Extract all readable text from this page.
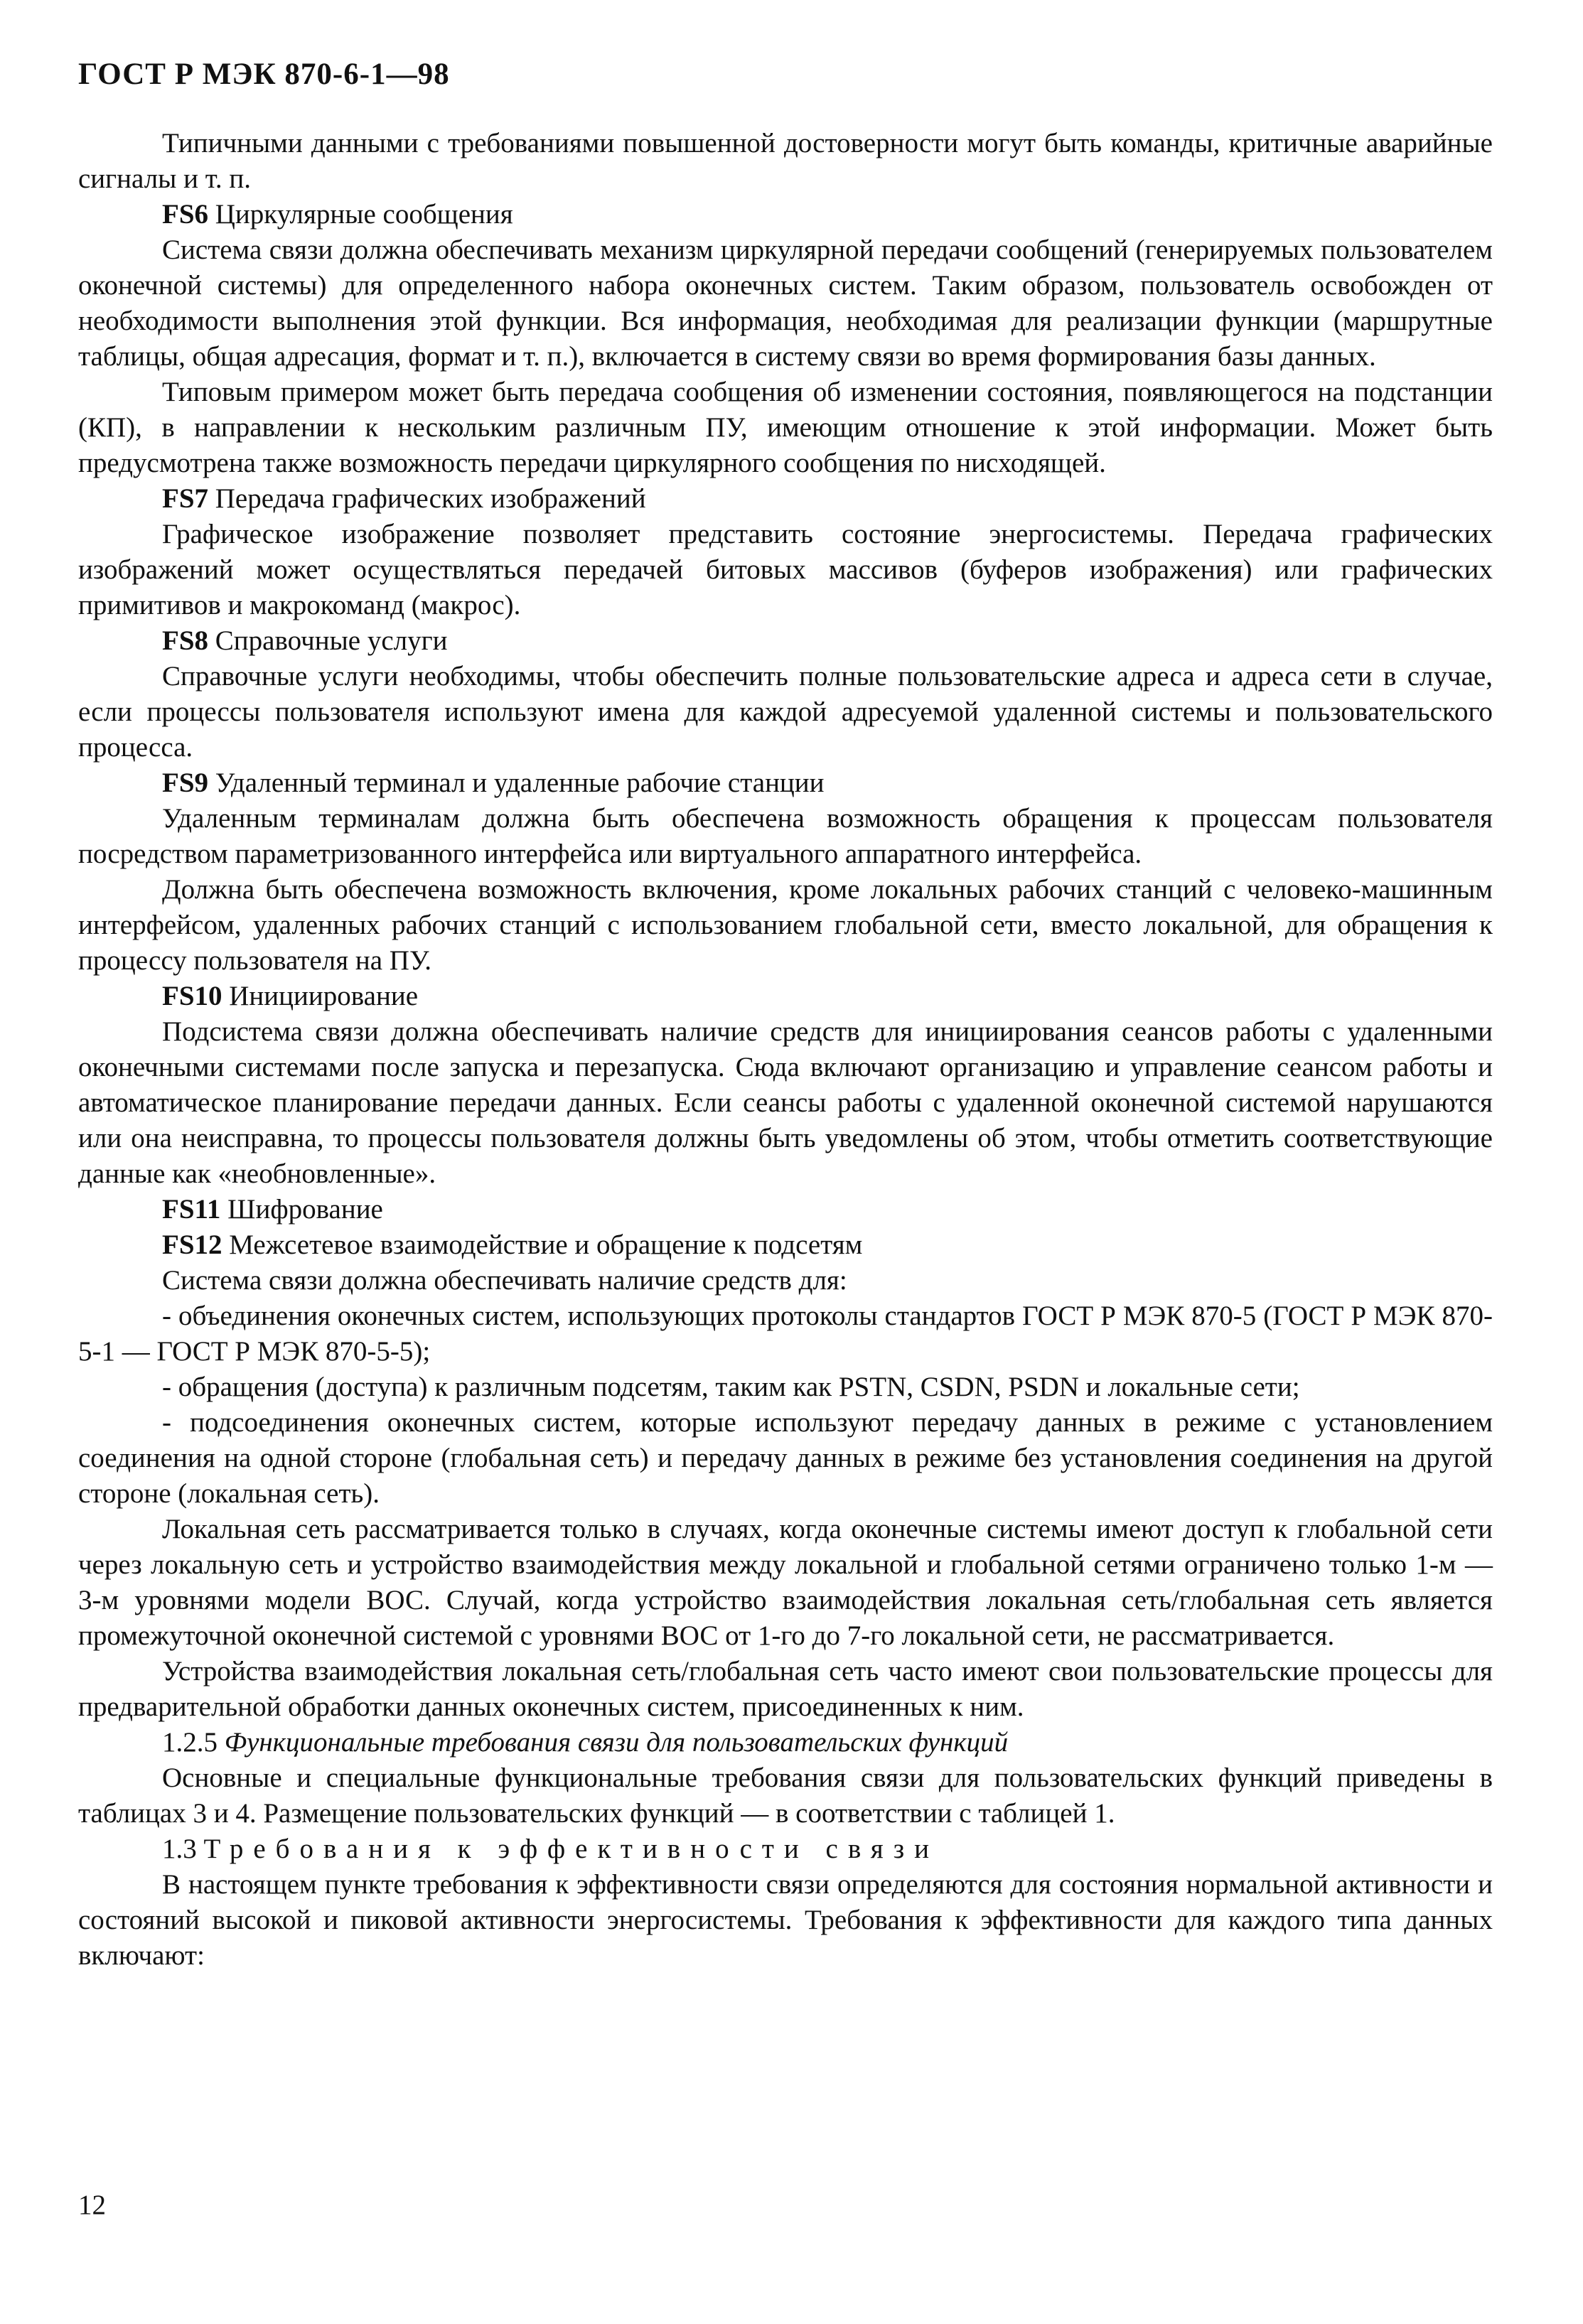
ГОСТ Р МЭК 870-6-1—98

Типичными данными с требованиями повышенной достоверности могут быть команды, критичные аварийные сигналы и т. п.

FS6 Циркулярные сообщения

Система связи должна обеспечивать механизм циркулярной передачи сообщений (генерируемых пользователем оконечной системы) для определенного набора оконечных систем. Таким образом, пользователь освобожден от необходимости выполнения этой функции. Вся информация, необходимая для реализации функции (маршрутные таблицы, общая адресация, формат и т. п.), включается в систему связи во время формирования базы данных.

Типовым примером может быть передача сообщения об изменении состояния, появляющегося на подстанции (КП), в направлении к нескольким различным ПУ, имеющим отношение к этой информации. Может быть предусмотрена также возможность передачи циркулярного сообщения по нисходящей.

FS7 Передача графических изображений

Графическое изображение позволяет представить состояние энергосистемы. Передача графических изображений может осуществляться передачей битовых массивов (буферов изображения) или графических примитивов и макрокоманд (макрос).

FS8 Справочные услуги

Справочные услуги необходимы, чтобы обеспечить полные пользовательские адреса и адреса сети в случае, если процессы пользователя используют имена для каждой адресуемой удаленной системы и пользовательского процесса.

FS9 Удаленный терминал и удаленные рабочие станции

Удаленным терминалам должна быть обеспечена возможность обращения к процессам пользователя посредством параметризованного интерфейса или виртуального аппаратного интерфейса.

Должна быть обеспечена возможность включения, кроме локальных рабочих станций с человеко-машинным интерфейсом, удаленных рабочих станций с использованием глобальной сети, вместо локальной, для обращения к процессу пользователя на ПУ.

FS10 Инициирование

Подсистема связи должна обеспечивать наличие средств для инициирования сеансов работы с удаленными оконечными системами после запуска и перезапуска. Сюда включают организацию и управление сеансом работы и автоматическое планирование передачи данных. Если сеансы работы с удаленной оконечной системой нарушаются или она неисправна, то процессы пользователя должны быть уведомлены об этом, чтобы отметить соответствующие данные как «необновленные».

FS11 Шифрование
FS12 Межсетевое взаимодействие и обращение к подсетям

Система связи должна обеспечивать наличие средств для:

- объединения оконечных систем, использующих протоколы стандартов ГОСТ Р МЭК 870-5 (ГОСТ Р МЭК 870-5-1 — ГОСТ Р МЭК 870-5-5);

- обращения (доступа) к различным подсетям, таким как PSTN, CSDN, PSDN и локальные сети;

- подсоединения оконечных систем, которые используют передачу данных в режиме с установлением соединения на одной стороне (глобальная сеть) и передачу данных в режиме без установления соединения на другой стороне (локальная сеть).

Локальная сеть рассматривается только в случаях, когда оконечные системы имеют доступ к глобальной сети через локальную сеть и устройство взаимодействия между локальной и глобальной сетями ограничено только 1-м — 3-м уровнями модели ВОС. Случай, когда устройство взаимодействия локальная сеть/глобальная сеть является промежуточной оконечной системой с уровнями ВОС от 1-го до 7-го локальной сети, не рассматривается.

Устройства взаимодействия локальная сеть/глобальная сеть часто имеют свои пользовательские процессы для предварительной обработки данных оконечных систем, присоединенных к ним.

1.2.5 Функциональные требования связи для пользовательских функций

Основные и специальные функциональные требования связи для пользовательских функций приведены в таблицах 3 и 4. Размещение пользовательских функций — в соответствии с таблицей 1.

1.3 Требования к эффективности связи

В настоящем пункте требования к эффективности связи определяются для состояния нормальной активности и состояний высокой и пиковой активности энергосистемы. Требования к эффективности для каждого типа данных включают:

12
